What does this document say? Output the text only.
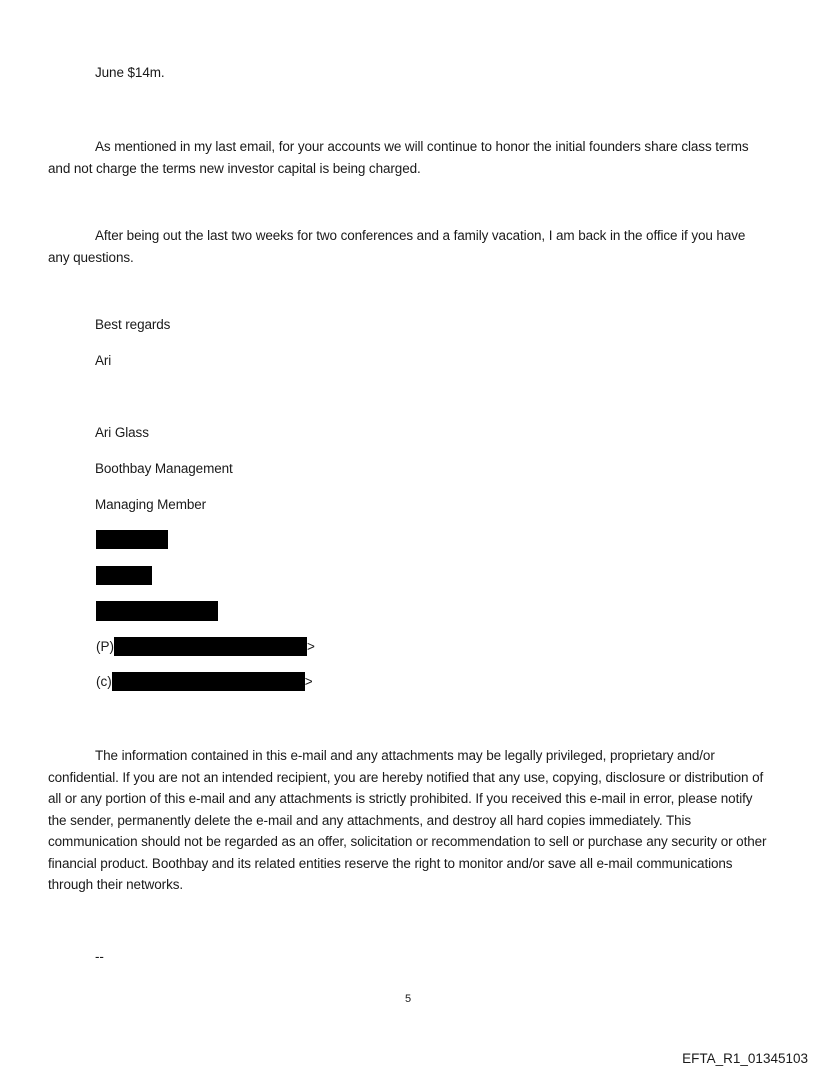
June $14m.

As mentioned in my last email, for your accounts we will continue to honor the initial founders share class terms and not charge the terms new investor capital is being charged.

After being out the last two weeks for two conferences and a family vacation, I am back in the office if you have any questions.

Best regards

Ari

Ari Glass

Boothbay Management

Managing Member

(P)	>
(c)	>

The information contained in this e-mail and any attachments may be legally privileged, proprietary and/or confidential. If you are not an intended recipient, you are hereby notified that any use, copying, disclosure or distribution of all or any portion of this e-mail and any attachments is strictly prohibited. If you received this e-mail in error, please notify the sender, permanently delete the e-mail and any attachments, and destroy all hard copies immediately. This communication should not be regarded as an offer, solicitation or recommendation to sell or purchase any security or other financial product. Boothbay and its related entities reserve the right to monitor and/or save all e-mail communications through their networks.

--

5
EFTA_R1_01345103
